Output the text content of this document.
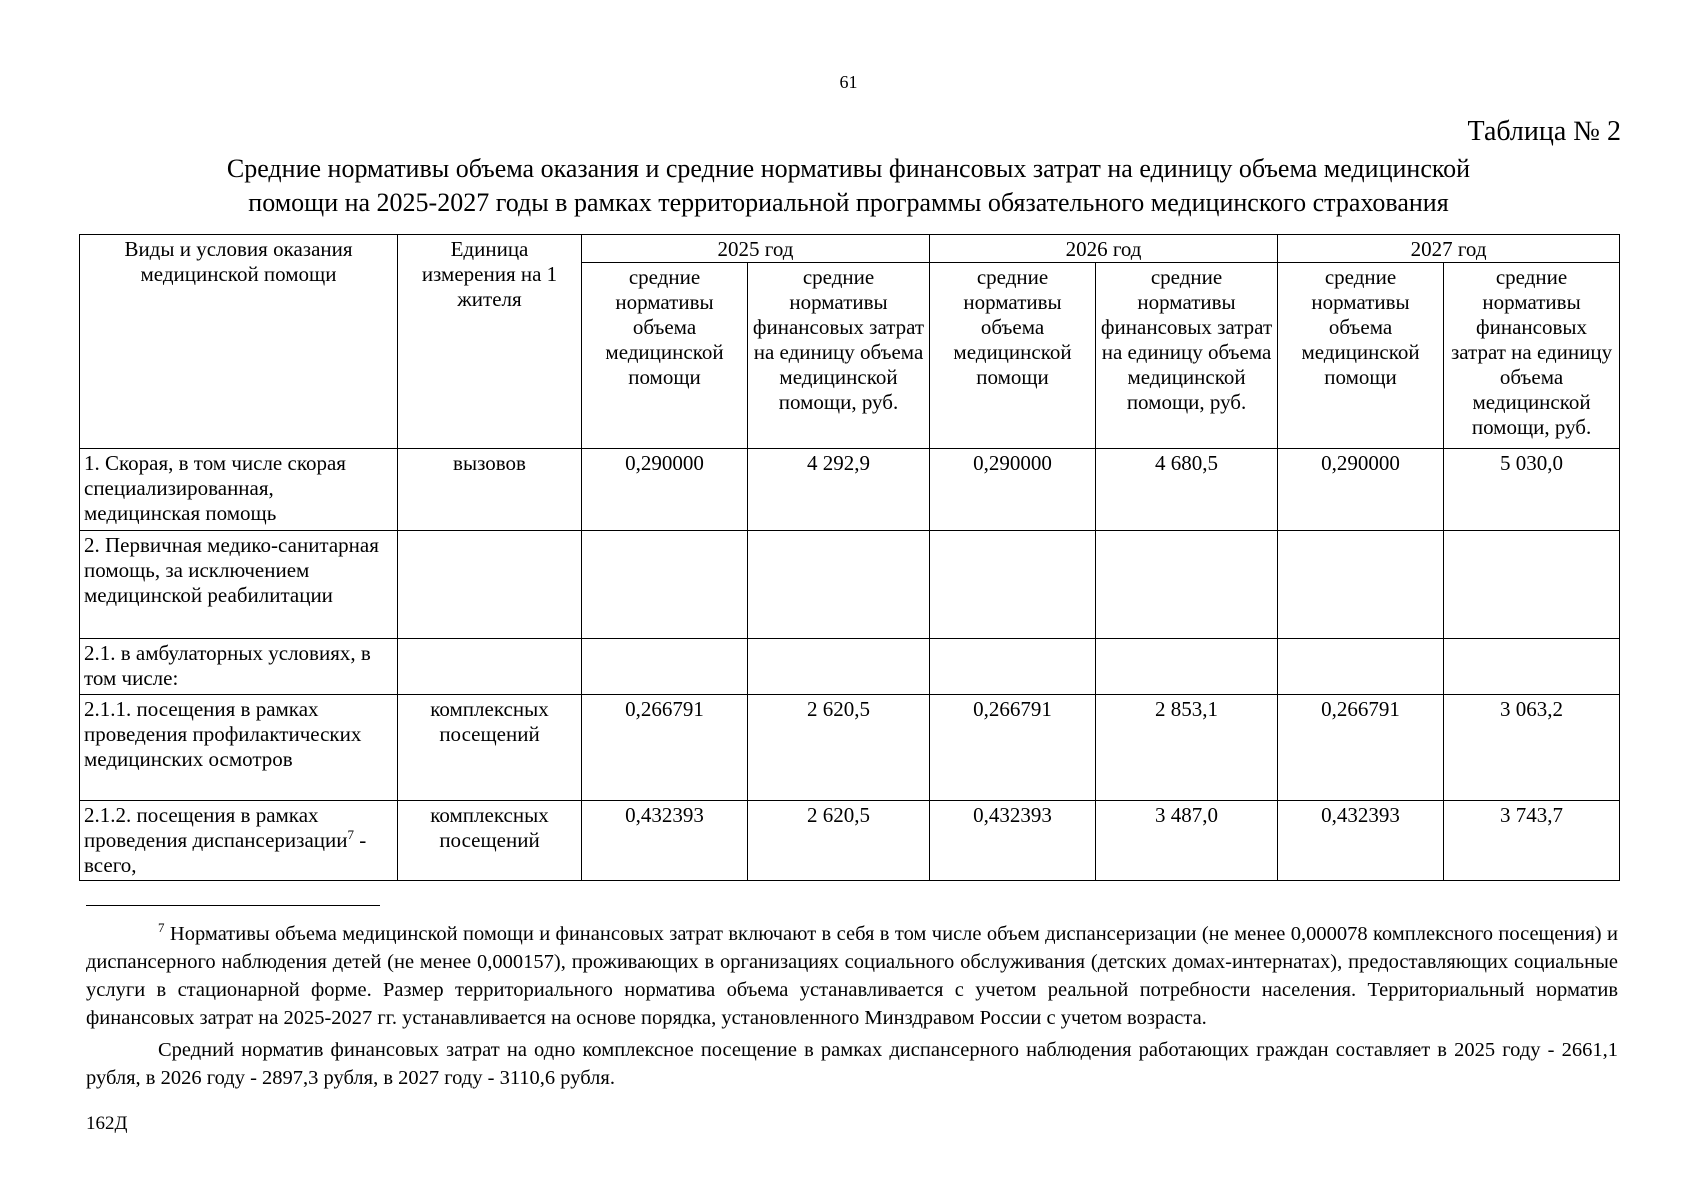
61
Таблица № 2
Средние нормативы объема оказания и средние нормативы финансовых затрат на единицу объема медицинской
помощи на 2025-2027 годы в рамках территориальной программы обязательного медицинского страхования
Виды и условия оказания медицинской помощи	Единица измерения на 1 жителя	2025 год		2026 год		2027 год	
		средние нормативы объема медицинской помощи	средние нормативы финансовых затрат на единицу объема медицинской помощи, руб.	средние нормативы объема медицинской помощи	средние нормативы финансовых затрат на единицу объема медицинской помощи, руб.	средние нормативы объема медицинской помощи	средние нормативы финансовых затрат на единицу объема медицинской помощи, руб.
1. Скорая, в том числе скорая специализированная, медицинская помощь	вызовов	0,290000	4 292,9	0,290000	4 680,5	0,290000	5 030,0
2. Первичная медико-санитарная помощь, за исключением медицинской реабилитации							
2.1. в амбулаторных условиях, в том числе:							
2.1.1. посещения в рамках проведения профилактических медицинских осмотров	комплексных посещений	0,266791	2 620,5	0,266791	2 853,1	0,266791	3 063,2
2.1.2. посещения в рамках проведения диспансеризации$^7$ - всего,	комплексных посещений	0,432393	2 620,5	0,432393	3 487,0	0,432393	3 743,7

$^7$ Нормативы объема медицинской помощи и финансовых затрат включают в себя в том числе объем диспансеризации (не менее 0,000078 комплексного посещения) и диспансерного наблюдения детей (не менее 0,000157), проживающих в организациях социального обслуживания (детских домах-интернатах), предоставляющих социальные услуги в стационарной форме. Размер территориального норматива объема устанавливается с учетом реальной потребности населения. Территориальный норматив финансовых затрат на 2025-2027 гг. устанавливается на основе порядка, установленного Минздравом России с учетом возраста.

Средний норматив финансовых затрат на одно комплексное посещение в рамках диспансерного наблюдения работающих граждан составляет в 2025 году - 2661,1 рубля, в 2026 году - 2897,3 рубля, в 2027 году - 3110,6 рубля.

162Д
